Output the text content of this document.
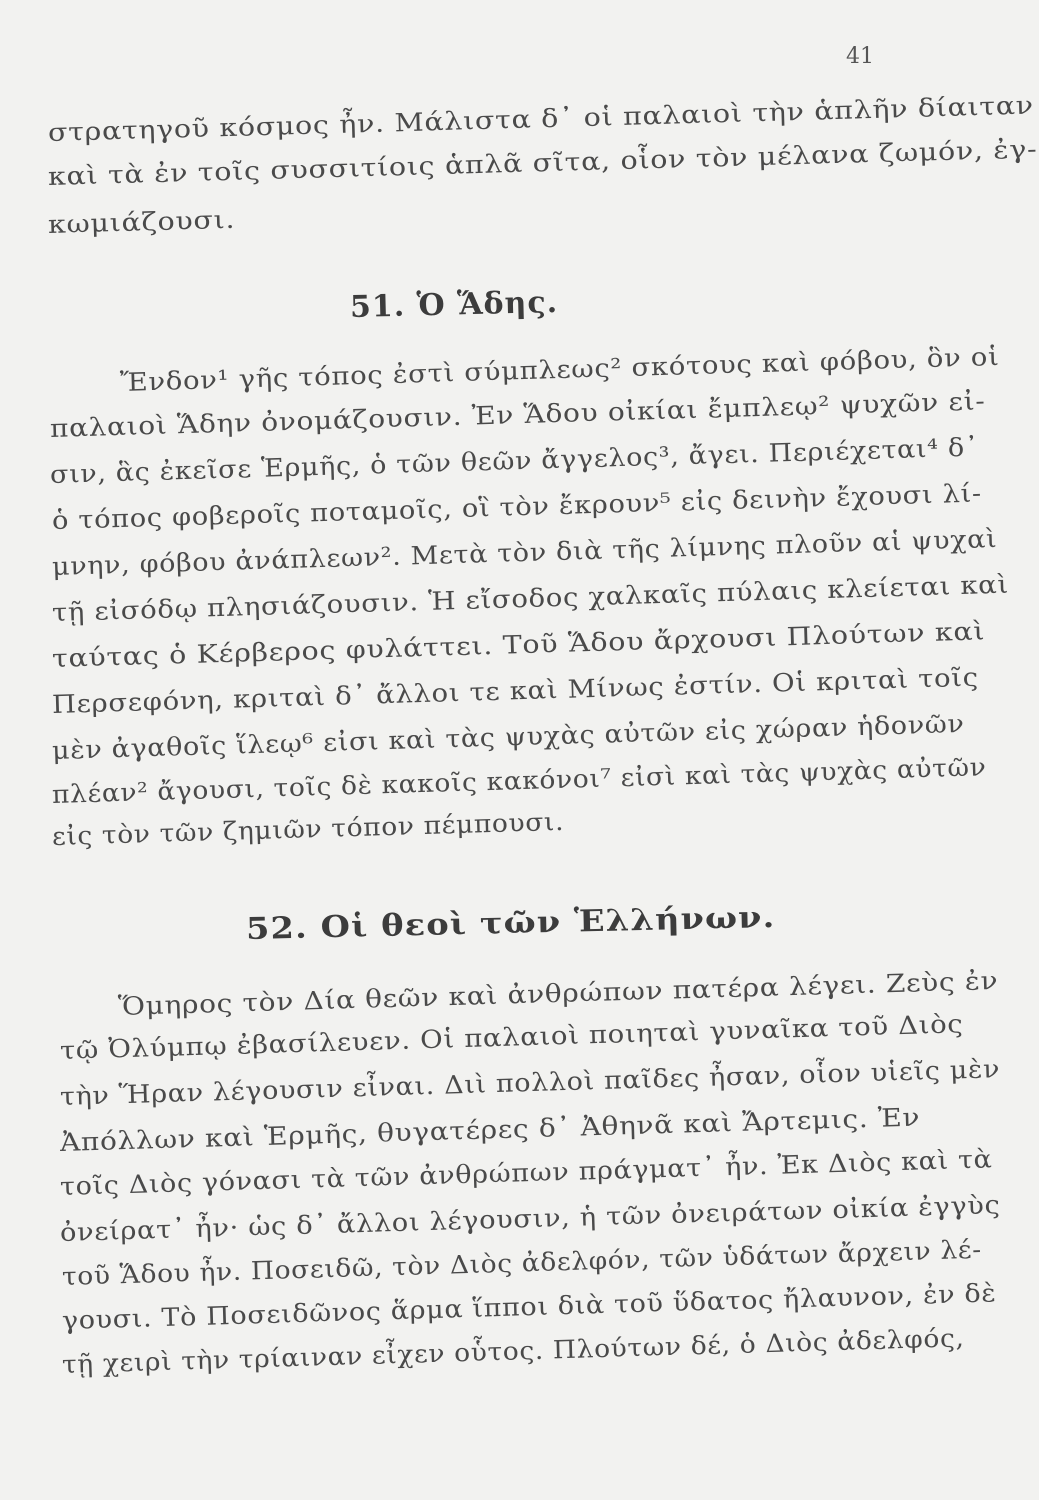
41
στρατηγοῦ κόσμος ἦν. Μάλιστα δ᾿ οἱ παλαιοὶ τὴν ἁπλῆν δίαιταν
καὶ τὰ ἐν τοῖς συσσιτίοις ἁπλᾶ σῖτα, οἷον τὸν μέλανα ζωμόν, ἐγ-
κωμιάζουσι.
51. Ὁ Ἅδης.
Ἔνδον¹ γῆς τόπος ἐστὶ σύμπλεως² σκότους καὶ φόβου, ὃν οἱ
παλαιοὶ Ἅδην ὀνομάζουσιν. Ἐν Ἅδου οἰκίαι ἔμπλεῳ² ψυχῶν εἰ-
σιν, ἃς ἐκεῖσε Ἑρμῆς, ὁ τῶν θεῶν ἄγγελος³, ἄγει. Περιέχεται⁴ δ᾿
ὁ τόπος φοβεροῖς ποταμοῖς, οἳ τὸν ἔκρουν⁵ εἰς δεινὴν ἔχουσι λί-
μνην, φόβου ἀνάπλεων². Μετὰ τὸν διὰ τῆς λίμνης πλοῦν αἱ ψυχαὶ
τῇ εἰσόδῳ πλησιάζουσιν. Ἡ εἴσοδος χαλκαῖς πύλαις κλείεται καὶ
ταύτας ὁ Κέρβερος φυλάττει. Τοῦ Ἅδου ἄρχουσι Πλούτων καὶ
Περσεφόνη, κριταὶ δ᾿ ἄλλοι τε καὶ Μίνως ἐστίν. Οἱ κριταὶ τοῖς
μὲν ἀγαθοῖς ἵλεῳ⁶ εἰσι καὶ τὰς ψυχὰς αὐτῶν εἰς χώραν ἡδονῶν
πλέαν² ἄγουσι, τοῖς δὲ κακοῖς κακόνοι⁷ εἰσὶ καὶ τὰς ψυχὰς αὐτῶν
εἰς τὸν τῶν ζημιῶν τόπον πέμπουσι.
52. Οἱ θεοὶ τῶν Ἑλλήνων.
Ὅμηρος τὸν Δία θεῶν καὶ ἀνθρώπων πατέρα λέγει. Ζεὺς ἐν
τῷ Ὀλύμπῳ ἐβασίλευεν. Οἱ παλαιοὶ ποιηταὶ γυναῖκα τοῦ Διὸς
τὴν Ἥραν λέγουσιν εἶναι. Διὶ πολλοὶ παῖδες ἦσαν, οἷον υἱεῖς μὲν
Ἀπόλλων καὶ Ἑρμῆς, θυγατέρες δ᾿ Ἀθηνᾶ καὶ Ἄρτεμις. Ἐν
τοῖς Διὸς γόνασι τὰ τῶν ἀνθρώπων πράγματ᾿ ἦν. Ἐκ Διὸς καὶ τὰ
ὀνείρατ᾿ ἦν· ὡς δ᾿ ἄλλοι λέγουσιν, ἡ τῶν ὀνειράτων οἰκία ἐγγὺς
τοῦ Ἅδου ἦν. Ποσειδῶ, τὸν Διὸς ἀδελφόν, τῶν ὑδάτων ἄρχειν λέ-
γουσι. Τὸ Ποσειδῶνος ἅρμα ἵπποι διὰ τοῦ ὕδατος ἤλαυνον, ἐν δὲ
τῇ χειρὶ τὴν τρίαιναν εἶχεν οὗτος. Πλούτων δέ, ὁ Διὸς ἀδελφός,
